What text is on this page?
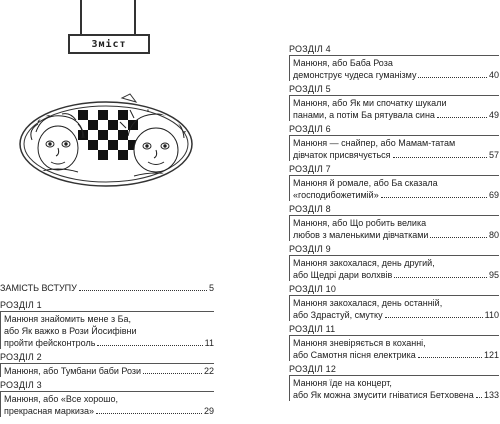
Зміст
ЗАМІСТЬ ВСТУПУ	5
РОЗДІЛ 1
Манюня знайомить мене з Ба,
або Як важко в Рози Йосифівни
пройти фейсконтроль	11
РОЗДІЛ 2
Манюня, або Тумбани баби Рози	22
РОЗДІЛ 3
Манюня, або «Все хорошо,
прекрасная маркиза»	29
РОЗДІЛ 4
Манюня, або Баба Роза
демонструє чудеса гуманізму	40
РОЗДІЛ 5
Манюня, або Як ми спочатку шукали
панами, а потім Ба рятувала сина	49
РОЗДІЛ 6
Манюня — снайпер, або Мамам-татам
дівчаток присвячується	57
РОЗДІЛ 7
Манюня й ромале, або Ба сказала
«господибожетимій»	69
РОЗДІЛ 8
Манюня, або Що робить велика
любов з маленькими дівчатками	80
РОЗДІЛ 9
Манюня закохалася, день другий,
або Щедрі дари волхвів	95
РОЗДІЛ 10
Манюня закохалася, день останній,
або Здрастуй, смутку	110
РОЗДІЛ 11
Манюня зневіряється в коханні,
або Самотня пісня електрика	121
РОЗДІЛ 12
Манюня їде на концерт,
або Як можна змусити гніватися Бетховена 133
